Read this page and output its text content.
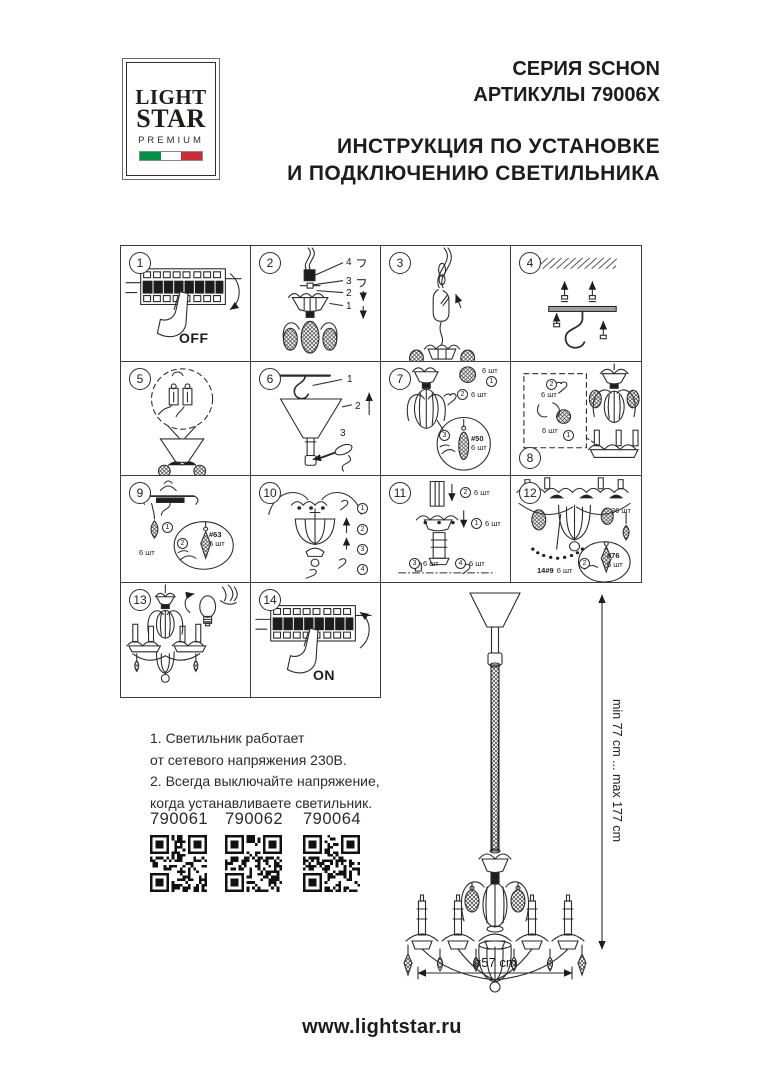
LIGHT
STAR
PREMIUM
СЕРИЯ SCHON
АРТИКУЛЫ 79006X
ИНСТРУКЦИЯ ПО УСТАНОВКЕ
И ПОДКЛЮЧЕНИЮ СВЕТИЛЬНИКА
1
OFF
2	4
3
2
1
3	4
5	6	1
2
3
7
6 шт
1
2 6 шт
3	#50
6 шт
8
2
6 шт
6 шт
1
9
1
6 шт
2
#63
6 шт
10
1
2
3
4
11	2 6 шт
1 6 шт
3 6 шт	4 6 шт
12
36 шт
14#9 6 шт
2
#76
6 шт
13	14
ON
1. Светильник работает
от сетевого напряжения 230В.
2. Всегда выключайте напряжение,
когда устанавливаете светильник.
790061 790062 790064	min 77 cm ... max 177 cm
ø57 cm
www.lightstar.ru
